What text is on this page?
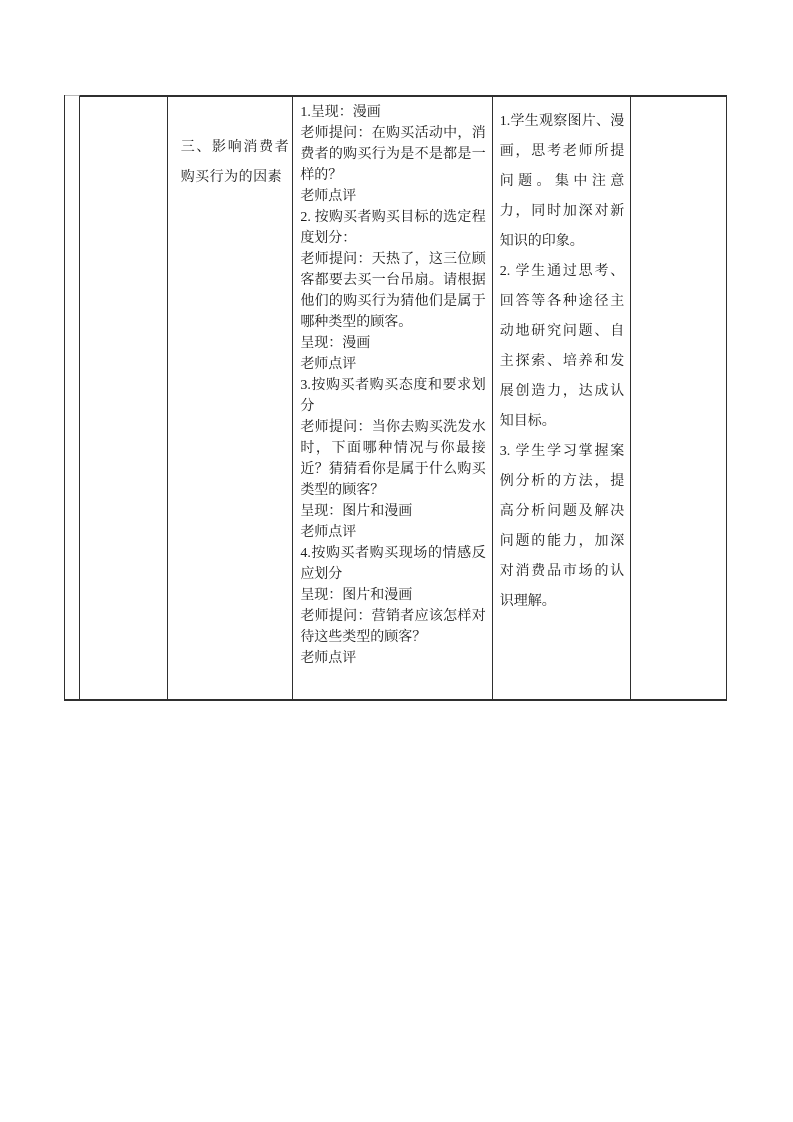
三、影响消费者购买行为的因素

1.呈现：漫画

老师提问：在购买活动中，消费者的购买行为是不是都是一样的？

老师点评

2. 按购买者购买目标的选定程度划分：

老师提问：天热了，这三位顾客都要去买一台吊扇。请根据他们的购买行为猜他们是属于哪种类型的顾客。

呈现：漫画

老师点评

3.按购买者购买态度和要求划分

老师提问：当你去购买洗发水时，下面哪种情况与你最接近？猜猜看你是属于什么购买类型的顾客？

呈现：图片和漫画

老师点评

4.按购买者购买现场的情感反应划分

呈现：图片和漫画

老师提问：营销者应该怎样对待这些类型的顾客？

老师点评

1.学生观察图片、漫画，思考老师所提问题。集中注意力，同时加深对新知识的印象。

2. 学生通过思考、回答等各种途径主动地研究问题、自主探索、培养和发展创造力，达成认知目标。

3. 学生学习掌握案例分析的方法，提高分析问题及解决问题的能力，加深对消费品市场的认识理解。
